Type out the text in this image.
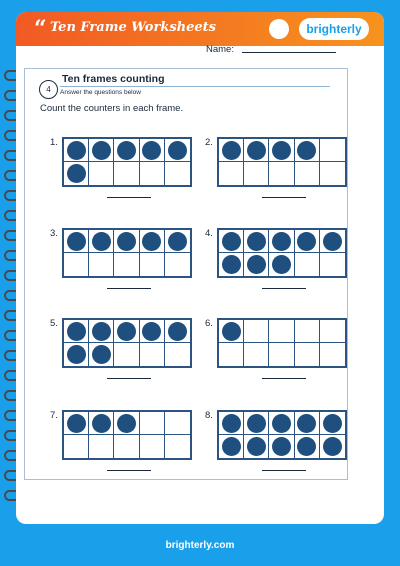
“ Ten Frame Worksheets	brighterly
Name:
4
Ten frames counting
Answer the questions below
Count the counters in each frame.
1.	2.
3.	4.
5.	6.
7.	8.
brighterly.com
